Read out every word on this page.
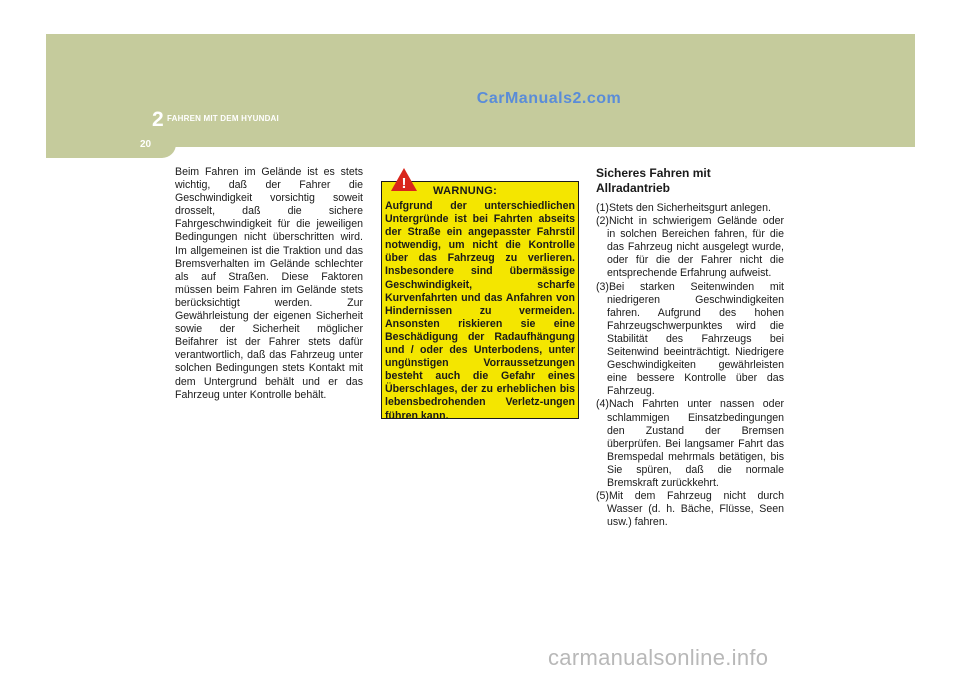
2 FAHREN MIT DEM HYUNDAI
20
CarManuals2.com
Beim Fahren im Gelände ist es stets wichtig, daß der Fahrer die Geschwindigkeit vorsichtig soweit drosselt, daß die sichere Fahrgeschwindigkeit für die jeweiligen Bedingungen nicht überschritten wird. Im allgemeinen ist die Traktion und das Bremsverhalten im Gelände schlechter als auf Straßen. Diese Faktoren müssen beim Fahren im Gelände stets berücksichtigt werden. Zur Gewährleistung der eigenen Sicherheit sowie der Sicherheit möglicher Beifahrer ist der Fahrer stets dafür verantwortlich, daß das Fahrzeug unter solchen Bedingungen stets Kontakt mit dem Untergrund behält und er das Fahrzeug unter Kontrolle behält.
! WARNUNG:
Aufgrund der unterschiedlichen Untergründe ist bei Fahrten abseits der Straße ein angepasster Fahrstil notwendig, um nicht die Kontrolle über das Fahrzeug zu verlieren. Insbesondere sind übermässige Geschwindigkeit, scharfe Kurvenfahrten und das Anfahren von Hindernissen zu vermeiden. Ansonsten riskieren sie eine Beschädigung der Radaufhängung und / oder des Unterbodens, unter ungünstigen Vorraussetzungen besteht auch die Gefahr eines Überschlages, der zu erheblichen bis lebensbedrohenden Verletz-ungen führen kann.
Sicheres Fahren mit Allradantrieb
(1)Stets den Sicherheitsgurt anlegen.
(2)Nicht in schwierigem Gelände oder in solchen Bereichen fahren, für die das Fahrzeug nicht ausgelegt wurde, oder für die der Fahrer nicht die entsprechende Erfahrung aufweist.
(3)Bei starken Seitenwinden mit niedrigeren Geschwindigkeiten fahren. Aufgrund des hohen Fahrzeugschwerpunktes wird die Stabilität des Fahrzeugs bei Seitenwind beeinträchtigt. Niedrigere Geschwindigkeiten gewährleisten eine bessere Kontrolle über das Fahrzeug.
(4)Nach Fahrten unter nassen oder schlammigen Einsatzbedingungen den Zustand der Bremsen überprüfen. Bei langsamer Fahrt das Bremspedal mehrmals betätigen, bis Sie spüren, daß die normale Bremskraft zurückkehrt.
(5)Mit dem Fahrzeug nicht durch Wasser (d. h. Bäche, Flüsse, Seen usw.) fahren.
carmanualsonline.info
